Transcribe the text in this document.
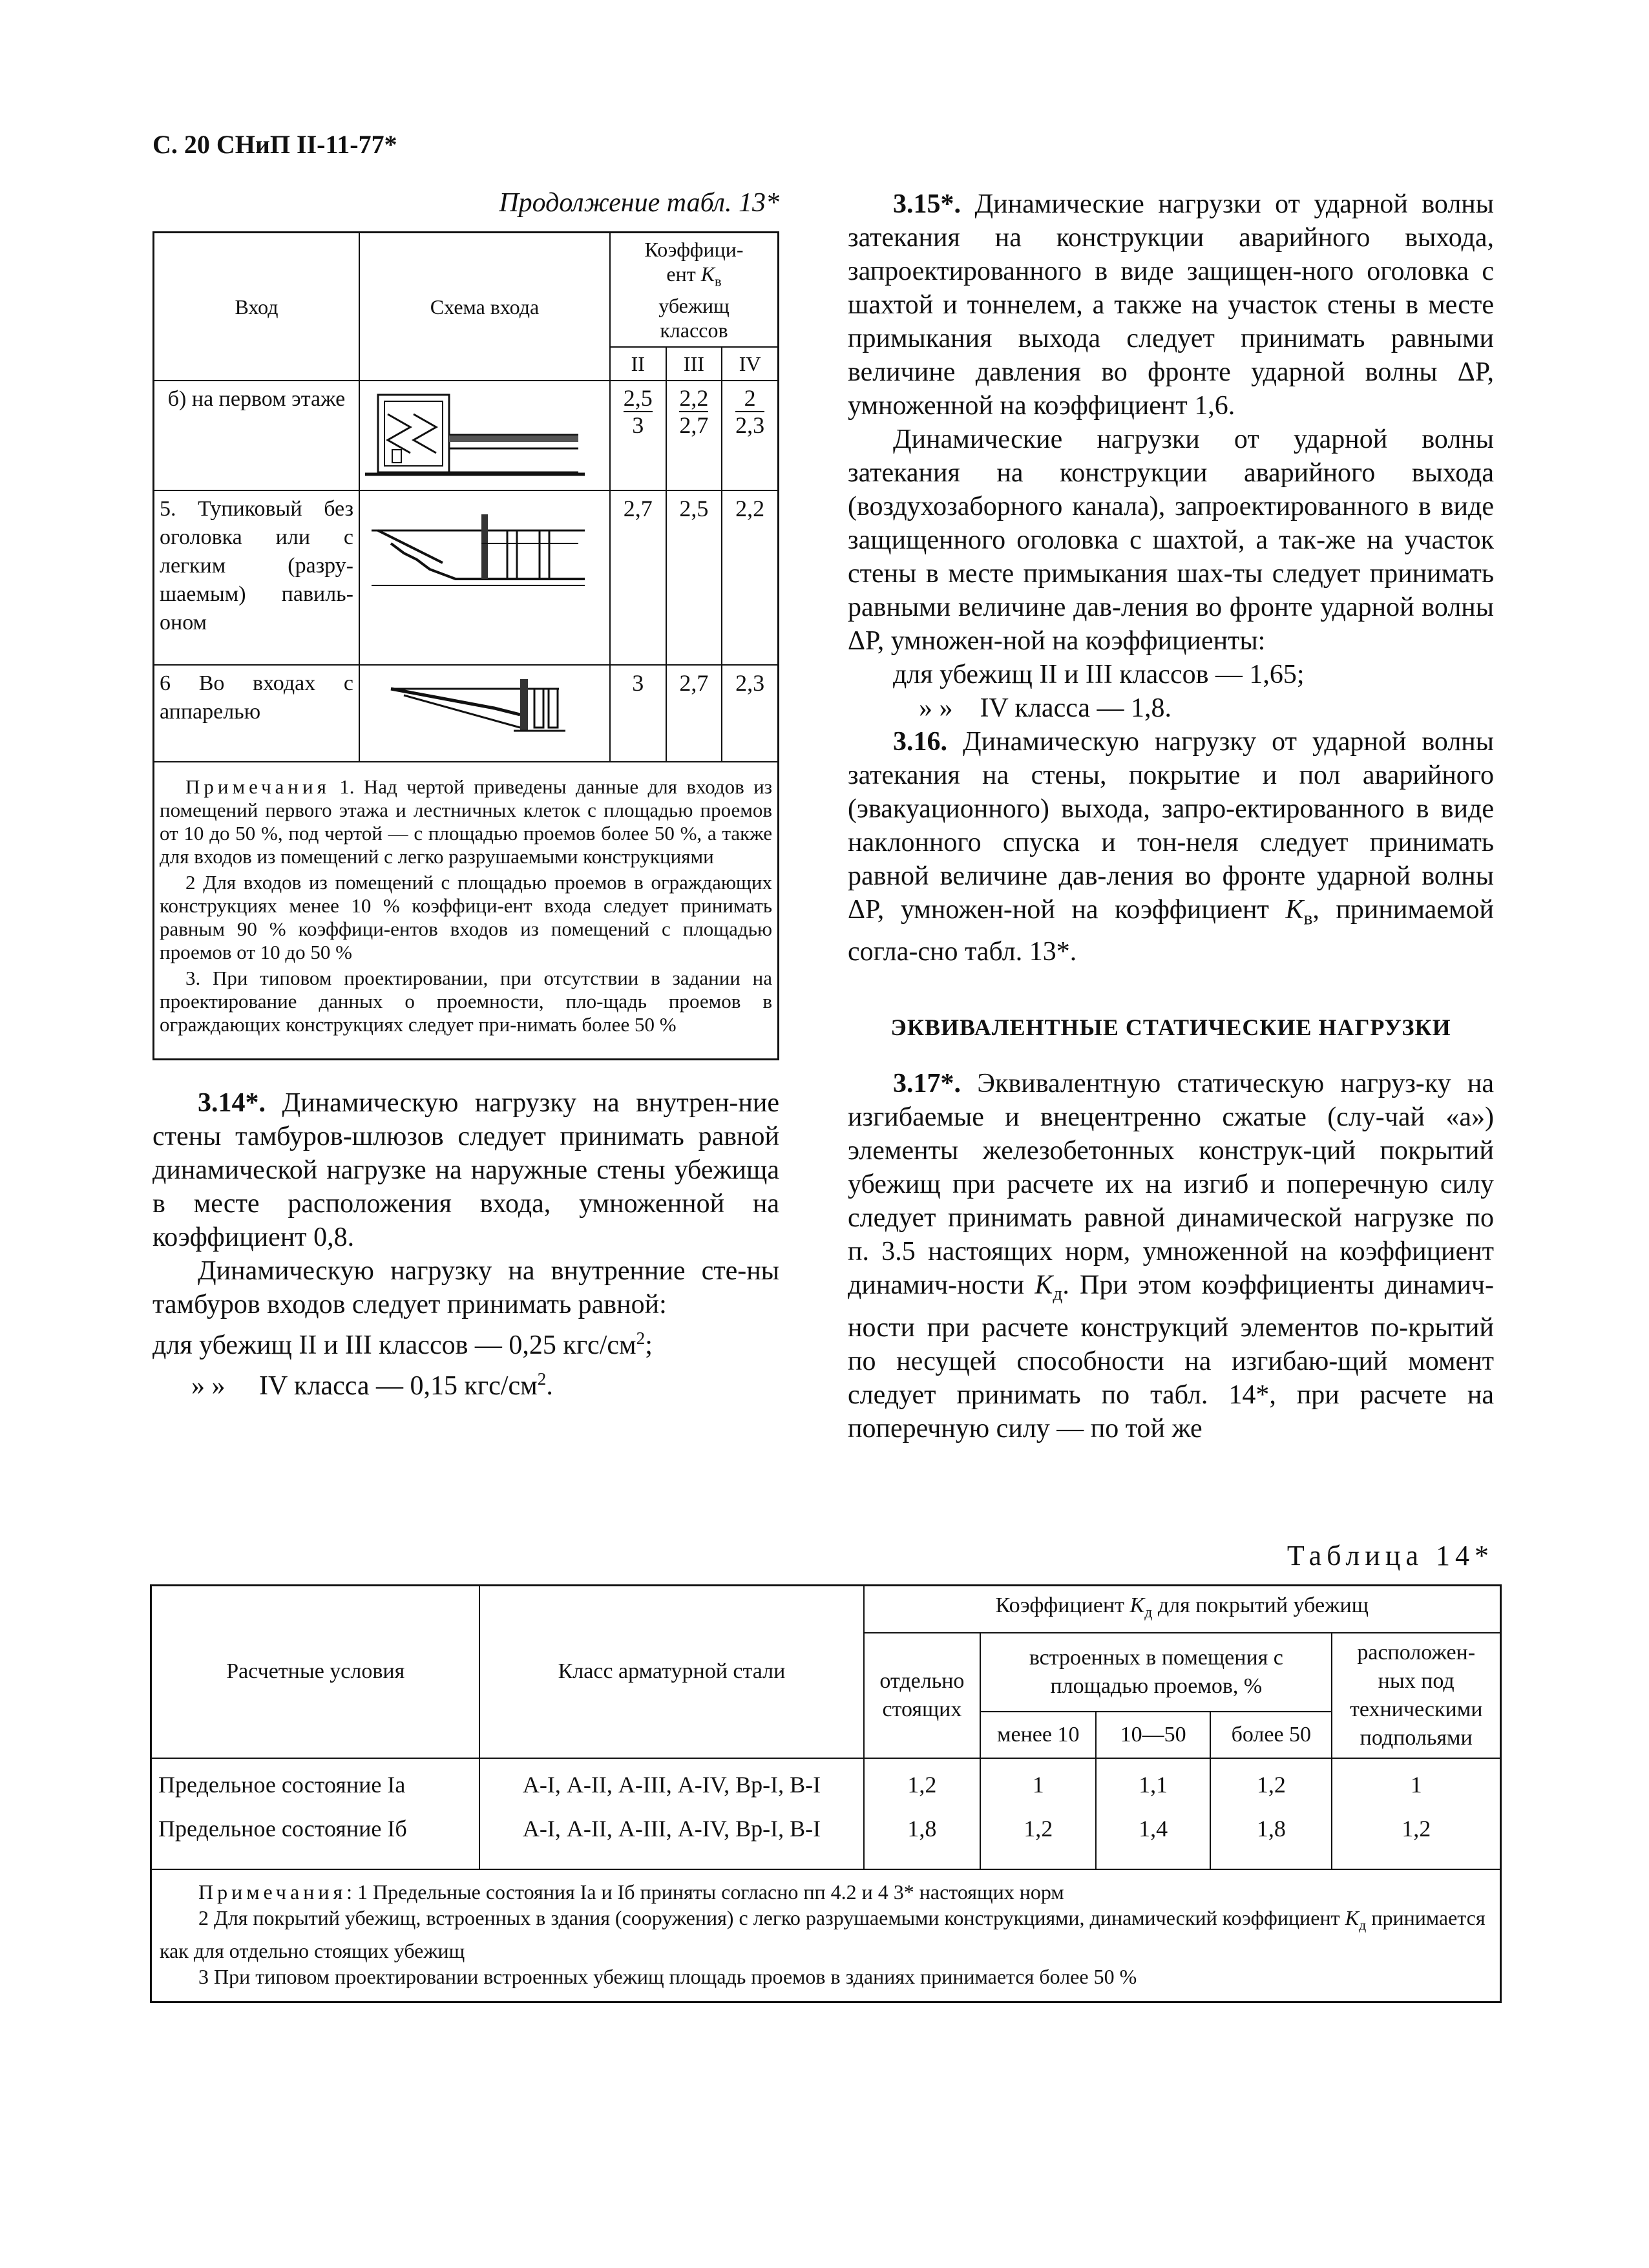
С. 20 СНиП II-11-77*

Продолжение табл. 13*

Вход	Схема входа	Коэффици-
ент $K_в$
убежищ
классов		
		II	III	IV
б) на первом этаже		$\frac{2,5}{3}$	$\frac{2,2}{2,7}$	$\frac{2}{2,3}$

5. Тупиковый без оголовка или с легким (разру-шаемым) павиль-оном		2,7	2,5	2,2
6 Во входах с аппарелью		3	2,7	2,3

Примечания 1. Над чертой приведены данные для входов из помещений первого этажа и лестничных клеток с площадью проемов от 10 до 50 %, под чертой — с площадью проемов более 50 %, а также для входов из помещений с легко разрушаемыми конструкциями

2 Для входов из помещений с площадью проемов в ограждающих конструкциях менее 10 % коэффици-ент входа следует принимать равным 90 % коэффици-ентов входов из помещений с площадью проемов от 10 до 50 %

3. При типовом проектировании, при отсутствии в задании на проектирование данных о проемности, пло-щадь проемов в ограждающих конструкциях следует при-нимать более 50 %				

3.14*. Динамическую нагрузку на внутрен-ние стены тамбуров-шлюзов следует принимать равной динамической нагрузке на наружные стены убежища в месте расположения входа, умноженной на коэффициент 0,8.

Динамическую нагрузку на внутренние сте-ны тамбуров входов следует принимать равной:

для убежищ II и III классов — 0,25 кгс/$см^2$;

» » IV класса — 0,15 кгс/$см^2$.

3.15*. Динамические нагрузки от ударной волны затекания на конструкции аварийного выхода, запроектированного в виде защищен-ного оголовка с шахтой и тоннелем, а также на участок стены в месте примыкания выхода следует принимать равными величине давления во фронте ударной волны ΔP, умноженной на коэффициент 1,6.

Динамические нагрузки от ударной волны затекания на конструкции аварийного выхода (воздухозаборного канала), запроектированного в виде защищенного оголовка с шахтой, а так-же на участок стены в месте примыкания шах-ты следует принимать равными величине дав-ления во фронте ударной волны ΔP, умножен-ной на коэффициенты:

для убежищ II и III классов — 1,65;

» » IV класса — 1,8.

3.16. Динамическую нагрузку от ударной волны затекания на стены, покрытие и пол аварийного (эвакуационного) выхода, запро-ектированного в виде наклонного спуска и тон-неля следует принимать равной величине дав-ления во фронте ударной волны ΔP, умножен-ной на коэффициент $K_в$, принимаемой согла-сно табл. 13*.

ЭКВИВАЛЕНТНЫЕ СТАТИЧЕСКИЕ НАГРУЗКИ

3.17*. Эквивалентную статическую нагруз-ку на изгибаемые и внецентренно сжатые (слу-чай «а») элементы железобетонных конструк-ций покрытий убежищ при расчете их на изгиб и поперечную силу следует принимать равной динамической нагрузке по п. 3.5 настоящих норм, умноженной на коэффициент динамич-ности $K_д$. При этом коэффициенты динамич-ности при расчете конструкций элементов по-крытий по несущей способности на изгибаю-щий момент следует принимать по табл. 14*, при расчете на поперечную силу — по той же

Таблица 14*
Расчетные условия	Класс арматурной стали	Коэффициент $K_д$ для покрытий убежищ				
		отдельно стоящих	встроенных в помещения с площадью проемов, %			расположен-ных под техническими подпольями
			менее 10	10—50	более 50	
Предельное состояние Iа	А-I, А-II, А-III, А-IV, Вр-I, В-I	1,2	1	1,1	1,2	1
Предельное состояние Iб	А-I, А-II, А-III, А-IV, Вр-I, В-I	1,8	1,2	1,4	1,8	1,2

Примечания: 1 Предельные состояния Iа и Iб приняты согласно пп 4.2 и 4 3* настоящих норм

2 Для покрытий убежищ, встроенных в здания (сооружения) с легко разрушаемыми конструкциями, динамический коэффициент $K_д$ принимается как для отдельно стоящих убежищ

3 При типовом проектировании встроенных убежищ площадь проемов в зданиях принимается более 50 %
